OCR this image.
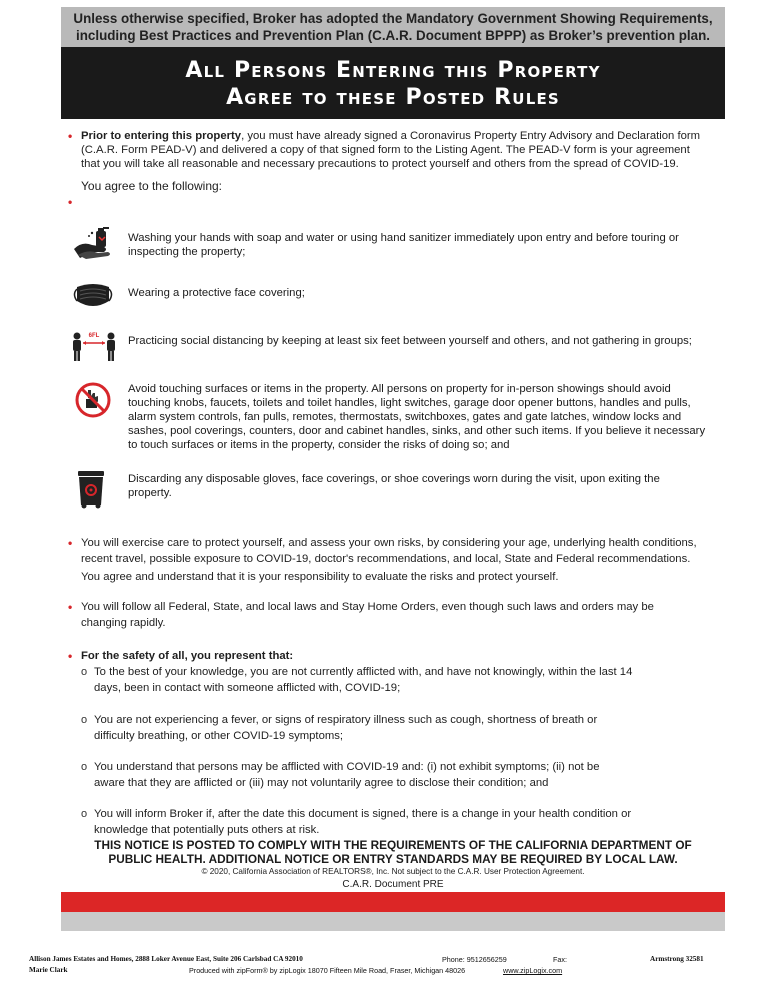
Unless otherwise specified, Broker has adopted the Mandatory Government Showing Requirements,
including Best Practices and Prevention Plan (C.A.R. Document BPPP) as Broker’s prevention plan.
All Persons Entering this Property
Agree to these Posted Rules
• Prior to entering this property, you must have already signed a Coronavirus Property Entry Advisory and Declaration form
(C.A.R. Form PEAD-V) and delivered a copy of that signed form to the Listing Agent. The PEAD-V form is your agreement
that you will take all reasonable and necessary precautions to protect yourself and others from the spread of COVID-19.
You agree to the following:
•
Washing your hands with soap and water or using hand sanitizer immediately upon entry and before touring or
inspecting the property;
Wearing a protective face covering;
6FL	Practicing social distancing by keeping at least six feet between yourself and others, and not gathering in groups;
Avoid touching surfaces or items in the property. All persons on property for in-person showings should avoid
touching knobs, faucets, toilets and toilet handles, light switches, garage door opener buttons, handles and pulls,
alarm system controls, fan pulls, remotes, thermostats, switchboxes, gates and gate latches, window locks and
sashes, pool coverings, counters, door and cabinet handles, sinks, and other such items. If you believe it necessary
to touch surfaces or items in the property, consider the risks of doing so; and
Discarding any disposable gloves, face coverings, or shoe coverings worn during the visit, upon exiting the
property.
• You will exercise care to protect yourself, and assess your own risks, by considering your age, underlying health conditions,
recent travel, possible exposure to COVID-19, doctor's recommendations, and local, State and Federal recommendations.
You agree and understand that it is your responsibility to evaluate the risks and protect yourself.
• You will follow all Federal, State, and local laws and Stay Home Orders, even though such laws and orders may be
changing rapidly.
• For the safety of all, you represent that:
o To the best of your knowledge, you are not currently afflicted with, and have not knowingly, within the last 14
days, been in contact with someone afflicted with, COVID-19;
o You are not experiencing a fever, or signs of respiratory illness such as cough, shortness of breath or
difficulty breathing, or other COVID-19 symptoms;
o You understand that persons may be afflicted with COVID-19 and: (i) not exhibit symptoms; (ii) not be
aware that they are afflicted or (iii) may not voluntarily agree to disclose their condition; and
o You will inform Broker if, after the date this document is signed, there is a change in your health condition or
knowledge that potentially puts others at risk.
THIS NOTICE IS POSTED TO COMPLY WITH THE REQUIREMENTS OF THE CALIFORNIA DEPARTMENT OF
PUBLIC HEALTH. ADDITIONAL NOTICE OR ENTRY STANDARDS MAY BE REQUIRED BY LOCAL LAW.
© 2020, California Association of REALTORS®, Inc. Not subject to the C.A.R. User Protection Agreement.
C.A.R. Document PRE
Allison James Estates and Homes, 2888 Loker Avenue East, Suite 206 Carlsbad CA 92010	Phone: 9512656259	Fax:	Armstrong 32581
Marie Clark	Produced with zipForm® by zipLogix 18070 Fifteen Mile Road, Fraser, Michigan 48026	www.zipLogix.com
